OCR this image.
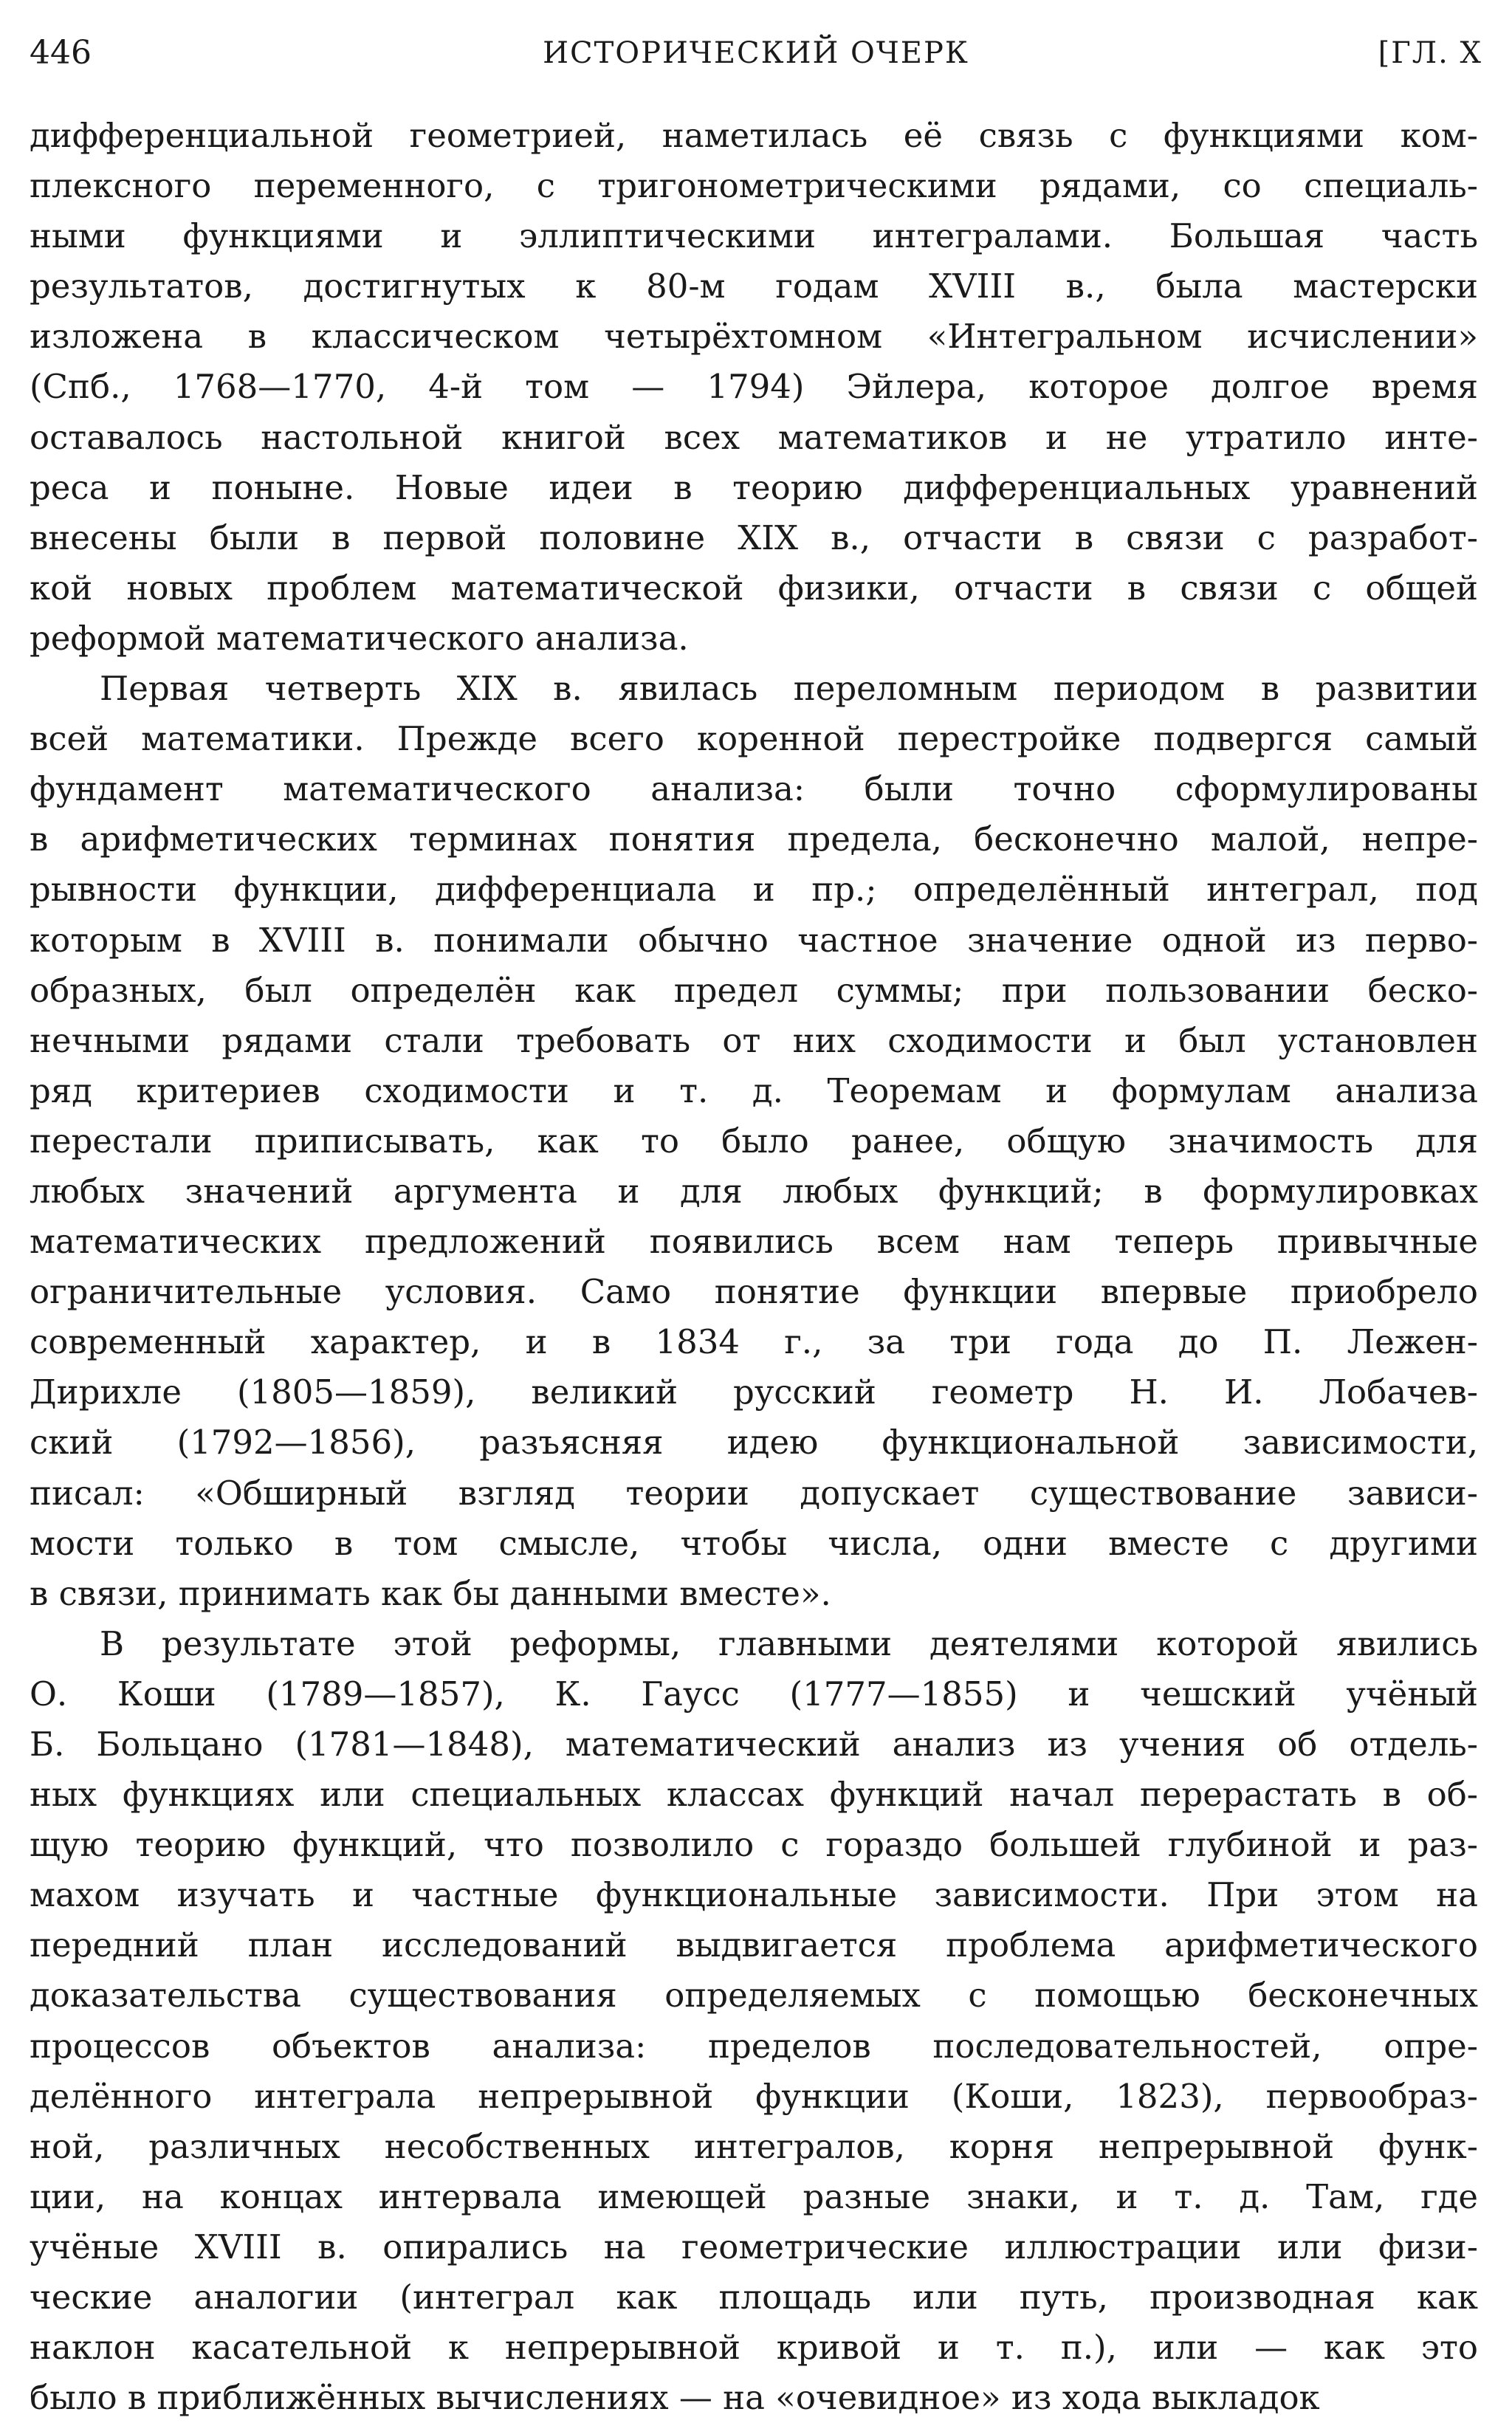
446	ИСТОРИЧЕСКИЙ ОЧЕРК	[ГЛ. X
дифференциальной геометрией, наметилась её связь с функциями ком-
плексного переменного, с тригонометрическими рядами, со специаль-
ными функциями и эллиптическими интегралами. Большая часть
результатов, достигнутых к 80-м годам XVIII в., была мастерски
изложена в классическом четырёхтомном «Интегральном исчислении»
(Спб., 1768—1770, 4-й том — 1794) Эйлера, которое долгое время
оставалось настольной книгой всех математиков и не утратило инте-
реса и поныне. Новые идеи в теорию дифференциальных уравнений
внесены были в первой половине XIX в., отчасти в связи с разработ-
кой новых проблем математической физики, отчасти в связи с общей
реформой математического анализа.
Первая четверть XIX в. явилась переломным периодом в развитии
всей математики. Прежде всего коренной перестройке подвергся самый
фундамент математического анализа: были точно сформулированы
в арифметических терминах понятия предела, бесконечно малой, непре-
рывности функции, дифференциала и пр.; определённый интеграл, под
которым в XVIII в. понимали обычно частное значение одной из перво-
образных, был определён как предел суммы; при пользовании беско-
нечными рядами стали требовать от них сходимости и был установлен
ряд критериев сходимости и т. д. Теоремам и формулам анализа
перестали приписывать, как то было ранее, общую значимость для
любых значений аргумента и для любых функций; в формулировках
математических предложений появились всем нам теперь привычные
ограничительные условия. Само понятие функции впервые приобрело
современный характер, и в 1834 г., за три года до П. Лежен-
Дирихле (1805—1859), великий русский геометр Н. И. Лобачев-
ский (1792—1856), разъясняя идею функциональной зависимости,
писал: «Обширный взгляд теории допускает существование зависи-
мости только в том смысле, чтобы числа, одни вместе с другими
в связи, принимать как бы данными вместе».
В результате этой реформы, главными деятелями которой явились
О. Коши (1789—1857), К. Гаусс (1777—1855) и чешский учёный
Б. Больцано (1781—1848), математический анализ из учения об отдель-
ных функциях или специальных классах функций начал перерастать в об-
щую теорию функций, что позволило с гораздо большей глубиной и раз-
махом изучать и частные функциональные зависимости. При этом на
передний план исследований выдвигается проблема арифметического
доказательства существования определяемых с помощью бесконечных
процессов объектов анализа: пределов последовательностей, опре-
делённого интеграла непрерывной функции (Коши, 1823), первообраз-
ной, различных несобственных интегралов, корня непрерывной функ-
ции, на концах интервала имеющей разные знаки, и т. д. Там, где
учёные XVIII в. опирались на геометрические иллюстрации или физи-
ческие аналогии (интеграл как площадь или путь, производная как
наклон касательной к непрерывной кривой и т. п.), или — как это
было в приближённых вычислениях — на «очевидное» из хода выкладок
